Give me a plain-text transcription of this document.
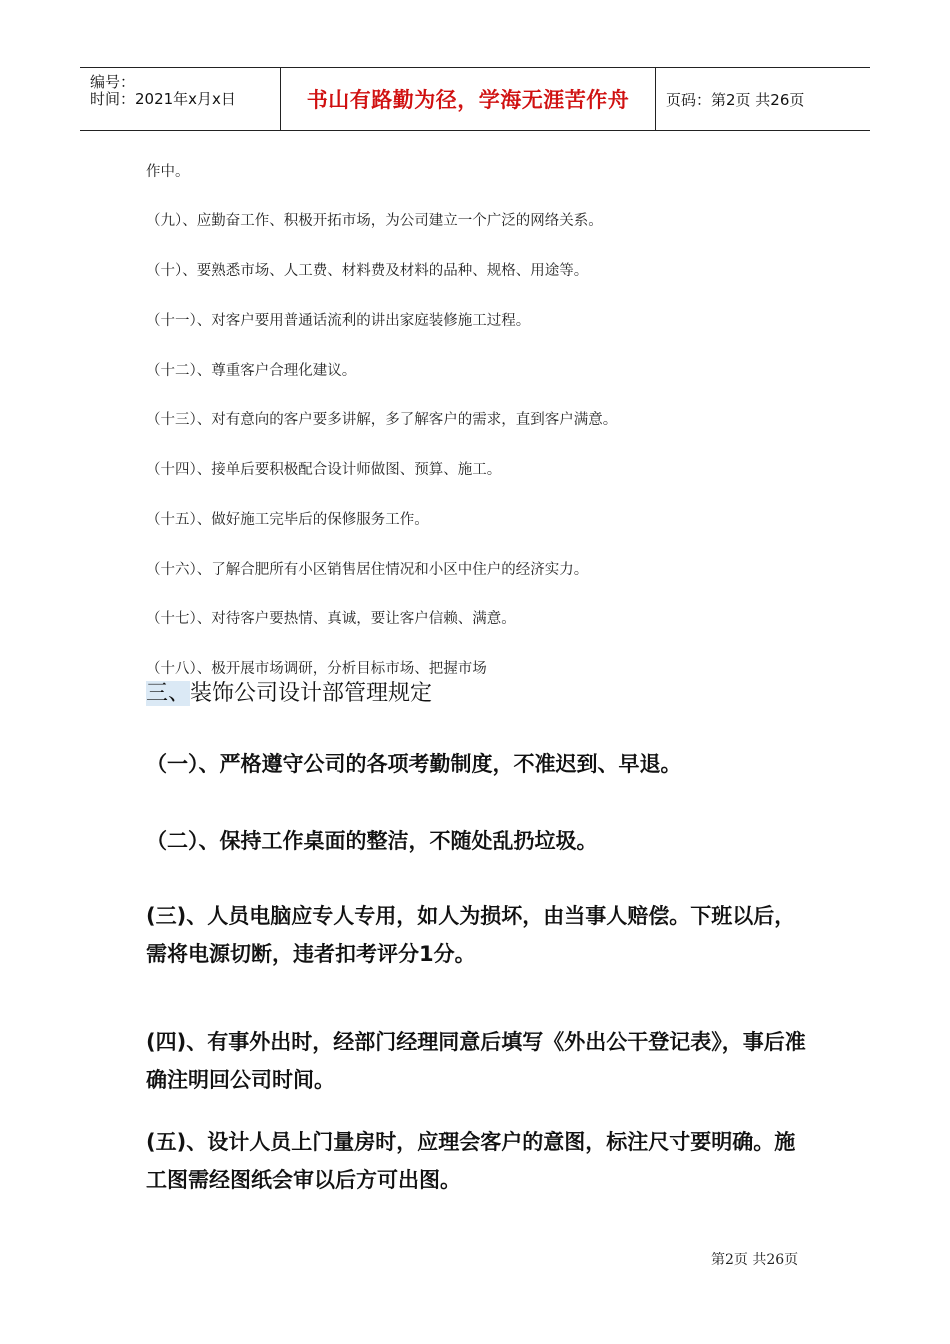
编号：
时间：2021年x月x日	书山有路勤为径，学海无涯苦作舟 页码：第2页 共26页
作中。
（九）、应勤奋工作、积极开拓市场，为公司建立一个广泛的网络关系。
（十）、要熟悉市场、人工费、材料费及材料的品种、规格、用途等。
（十一）、对客户要用普通话流利的讲出家庭装修施工过程。
（十二）、尊重客户合理化建议。
（十三）、对有意向的客户要多讲解，多了解客户的需求，直到客户满意。
（十四）、接单后要积极配合设计师做图、预算、施工。
（十五）、做好施工完毕后的保修服务工作。
（十六）、了解合肥所有小区销售居住情况和小区中住户的经济实力。
（十七）、对待客户要热情、真诚，要让客户信赖、满意。
（十八）、极开展市场调研，分析目标市场、把握市场
三、装饰公司设计部管理规定
（一）、严格遵守公司的各项考勤制度，不准迟到、早退。
（二）、保持工作桌面的整洁，不随处乱扔垃圾。
(三)、人员电脑应专人专用，如人为损坏，由当事人赔偿。下班以后，需将电源切断，违者扣考评分1分。
(四)、有事外出时，经部门经理同意后填写《外出公干登记表》，事后准确注明回公司时间。
(五)、设计人员上门量房时，应理会客户的意图，标注尺寸要明确。施工图需经图纸会审以后方可出图。
第2页 共26页
